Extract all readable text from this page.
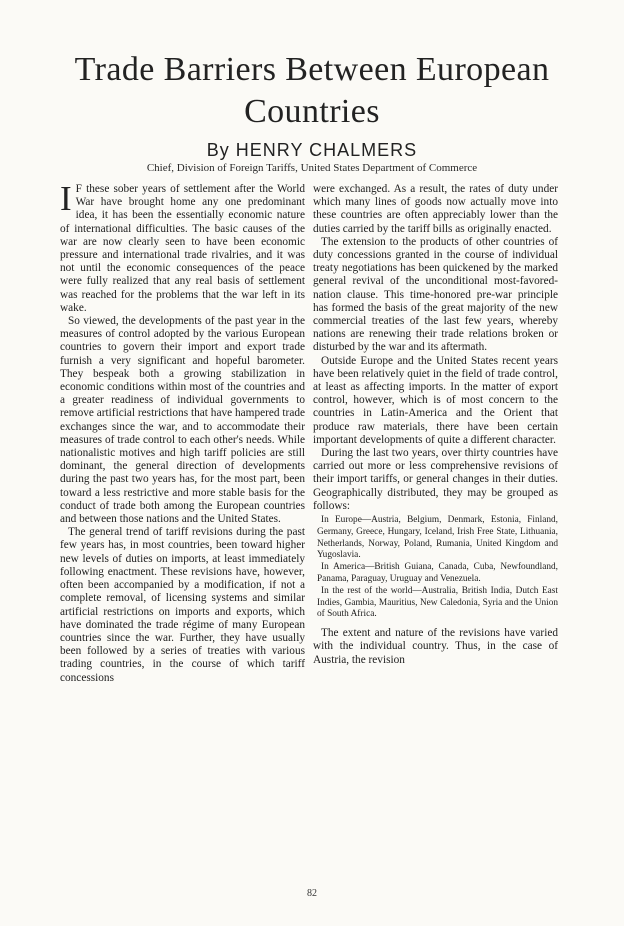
Trade Barriers Between European
Countries
By HENRY CHALMERS
Chief, Division of Foreign Tariffs, United States Department of Commerce

I F these sober years of settlement after the World War have brought home any one predominant idea, it has been the essentially economic nature of international difficulties. The basic causes of the war are now clearly seen to have been economic pressure and international trade rivalries, and it was not until the economic consequences of the peace were fully realized that any real basis of settlement was reached for the problems that the war left in its wake.

So viewed, the developments of the past year in the measures of control adopted by the various European countries to govern their import and export trade furnish a very significant and hopeful barometer. They bespeak both a growing stabilization in economic conditions within most of the countries and a greater readiness of individual governments to remove artificial restrictions that have hampered trade exchanges since the war, and to accommodate their measures of trade control to each other's needs. While nationalistic motives and high tariff policies are still dominant, the general direction of developments during the past two years has, for the most part, been toward a less restrictive and more stable basis for the conduct of trade both among the European countries and between those nations and the United States.

The general trend of tariff revisions during the past few years has, in most countries, been toward higher new levels of duties on imports, at least immediately following enactment. These revisions have, however, often been accompanied by a modification, if not a complete removal, of licensing systems and similar artificial restrictions on imports and exports, which have dominated the trade régime of many European countries since the war. Further, they have usually been followed by a series of treaties with various trading countries, in the course of which tariff concessions

were exchanged. As a result, the rates of duty under which many lines of goods now actually move into these countries are often appreciably lower than the duties carried by the tariff bills as originally enacted.

The extension to the products of other countries of duty concessions granted in the course of individual treaty negotiations has been quickened by the marked general revival of the unconditional most-favored-nation clause. This time-honored pre-war principle has formed the basis of the great majority of the new commercial treaties of the last few years, whereby nations are renewing their trade relations broken or disturbed by the war and its aftermath.

Outside Europe and the United States recent years have been relatively quiet in the field of trade control, at least as affecting imports. In the matter of export control, however, which is of most concern to the countries in Latin-America and the Orient that produce raw materials, there have been certain important developments of quite a different character.

During the last two years, over thirty countries have carried out more or less comprehensive revisions of their import tariffs, or general changes in their duties. Geographically distributed, they may be grouped as follows:

In Europe—Austria, Belgium, Denmark, Estonia, Finland, Germany, Greece, Hungary, Iceland, Irish Free State, Lithuania, Netherlands, Norway, Poland, Rumania, United Kingdom and Yugoslavia.

In America—British Guiana, Canada, Cuba, Newfoundland, Panama, Paraguay, Uruguay and Venezuela.

In the rest of the world—Australia, British India, Dutch East Indies, Gambia, Mauritius, New Caledonia, Syria and the Union of South Africa.

The extent and nature of the revisions have varied with the individual country. Thus, in the case of Austria, the revision

82
